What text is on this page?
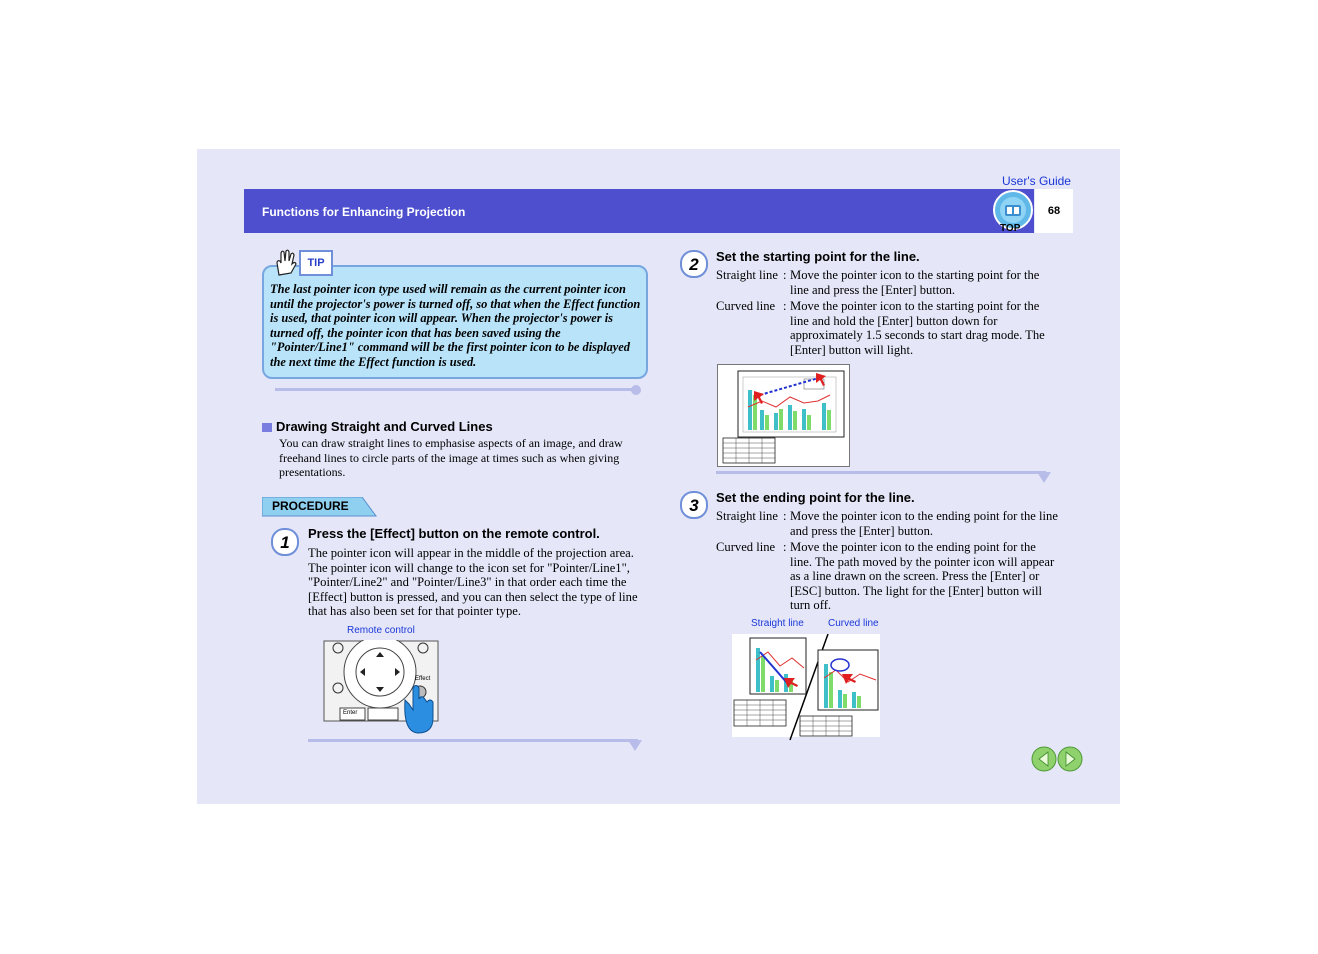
User's Guide
Functions for Enhancing Projection	68
TOP
The last pointer icon type used will remain as the current pointer icon until the projector's power is turned off, so that when the Effect function is used, that pointer icon will appear. When the projector's power is turned off, the pointer icon that has been saved using the "Pointer/Line1" command will be the first pointer icon to be displayed the next time the Effect function is used.
TIP
Drawing Straight and Curved Lines
You can draw straight lines to emphasise aspects of an image, and draw freehand lines to circle parts of the image at times such as when giving presentations.
PROCEDURE
1	Press the [Effect] button on the remote control.
The pointer icon will appear in the middle of the projection area. The pointer icon will change to the icon set for "Pointer/Line1", "Pointer/Line2" and "Pointer/Line3" in that order each time the [Effect] button is pressed, and you can then select the type of line that has also been set for that pointer type.
Remote control
Effect
Enter
2	Set the starting point for the line.
Straight line : Move the pointer icon to the starting point for the line and press the [Enter] button.
Curved line : Move the pointer icon to the starting point for the line and hold the [Enter] button down for approximately 1.5 seconds to start drag mode. The [Enter] button will light.
3	Set the ending point for the line.
Straight line : Move the pointer icon to the ending point for the line and press the [Enter] button.
Curved line : Move the pointer icon to the ending point for the line. The path moved by the pointer icon will appear as a line drawn on the screen. Press the [Enter] or [ESC] button. The light for the [Enter] button will turn off.
Straight line Curved line
